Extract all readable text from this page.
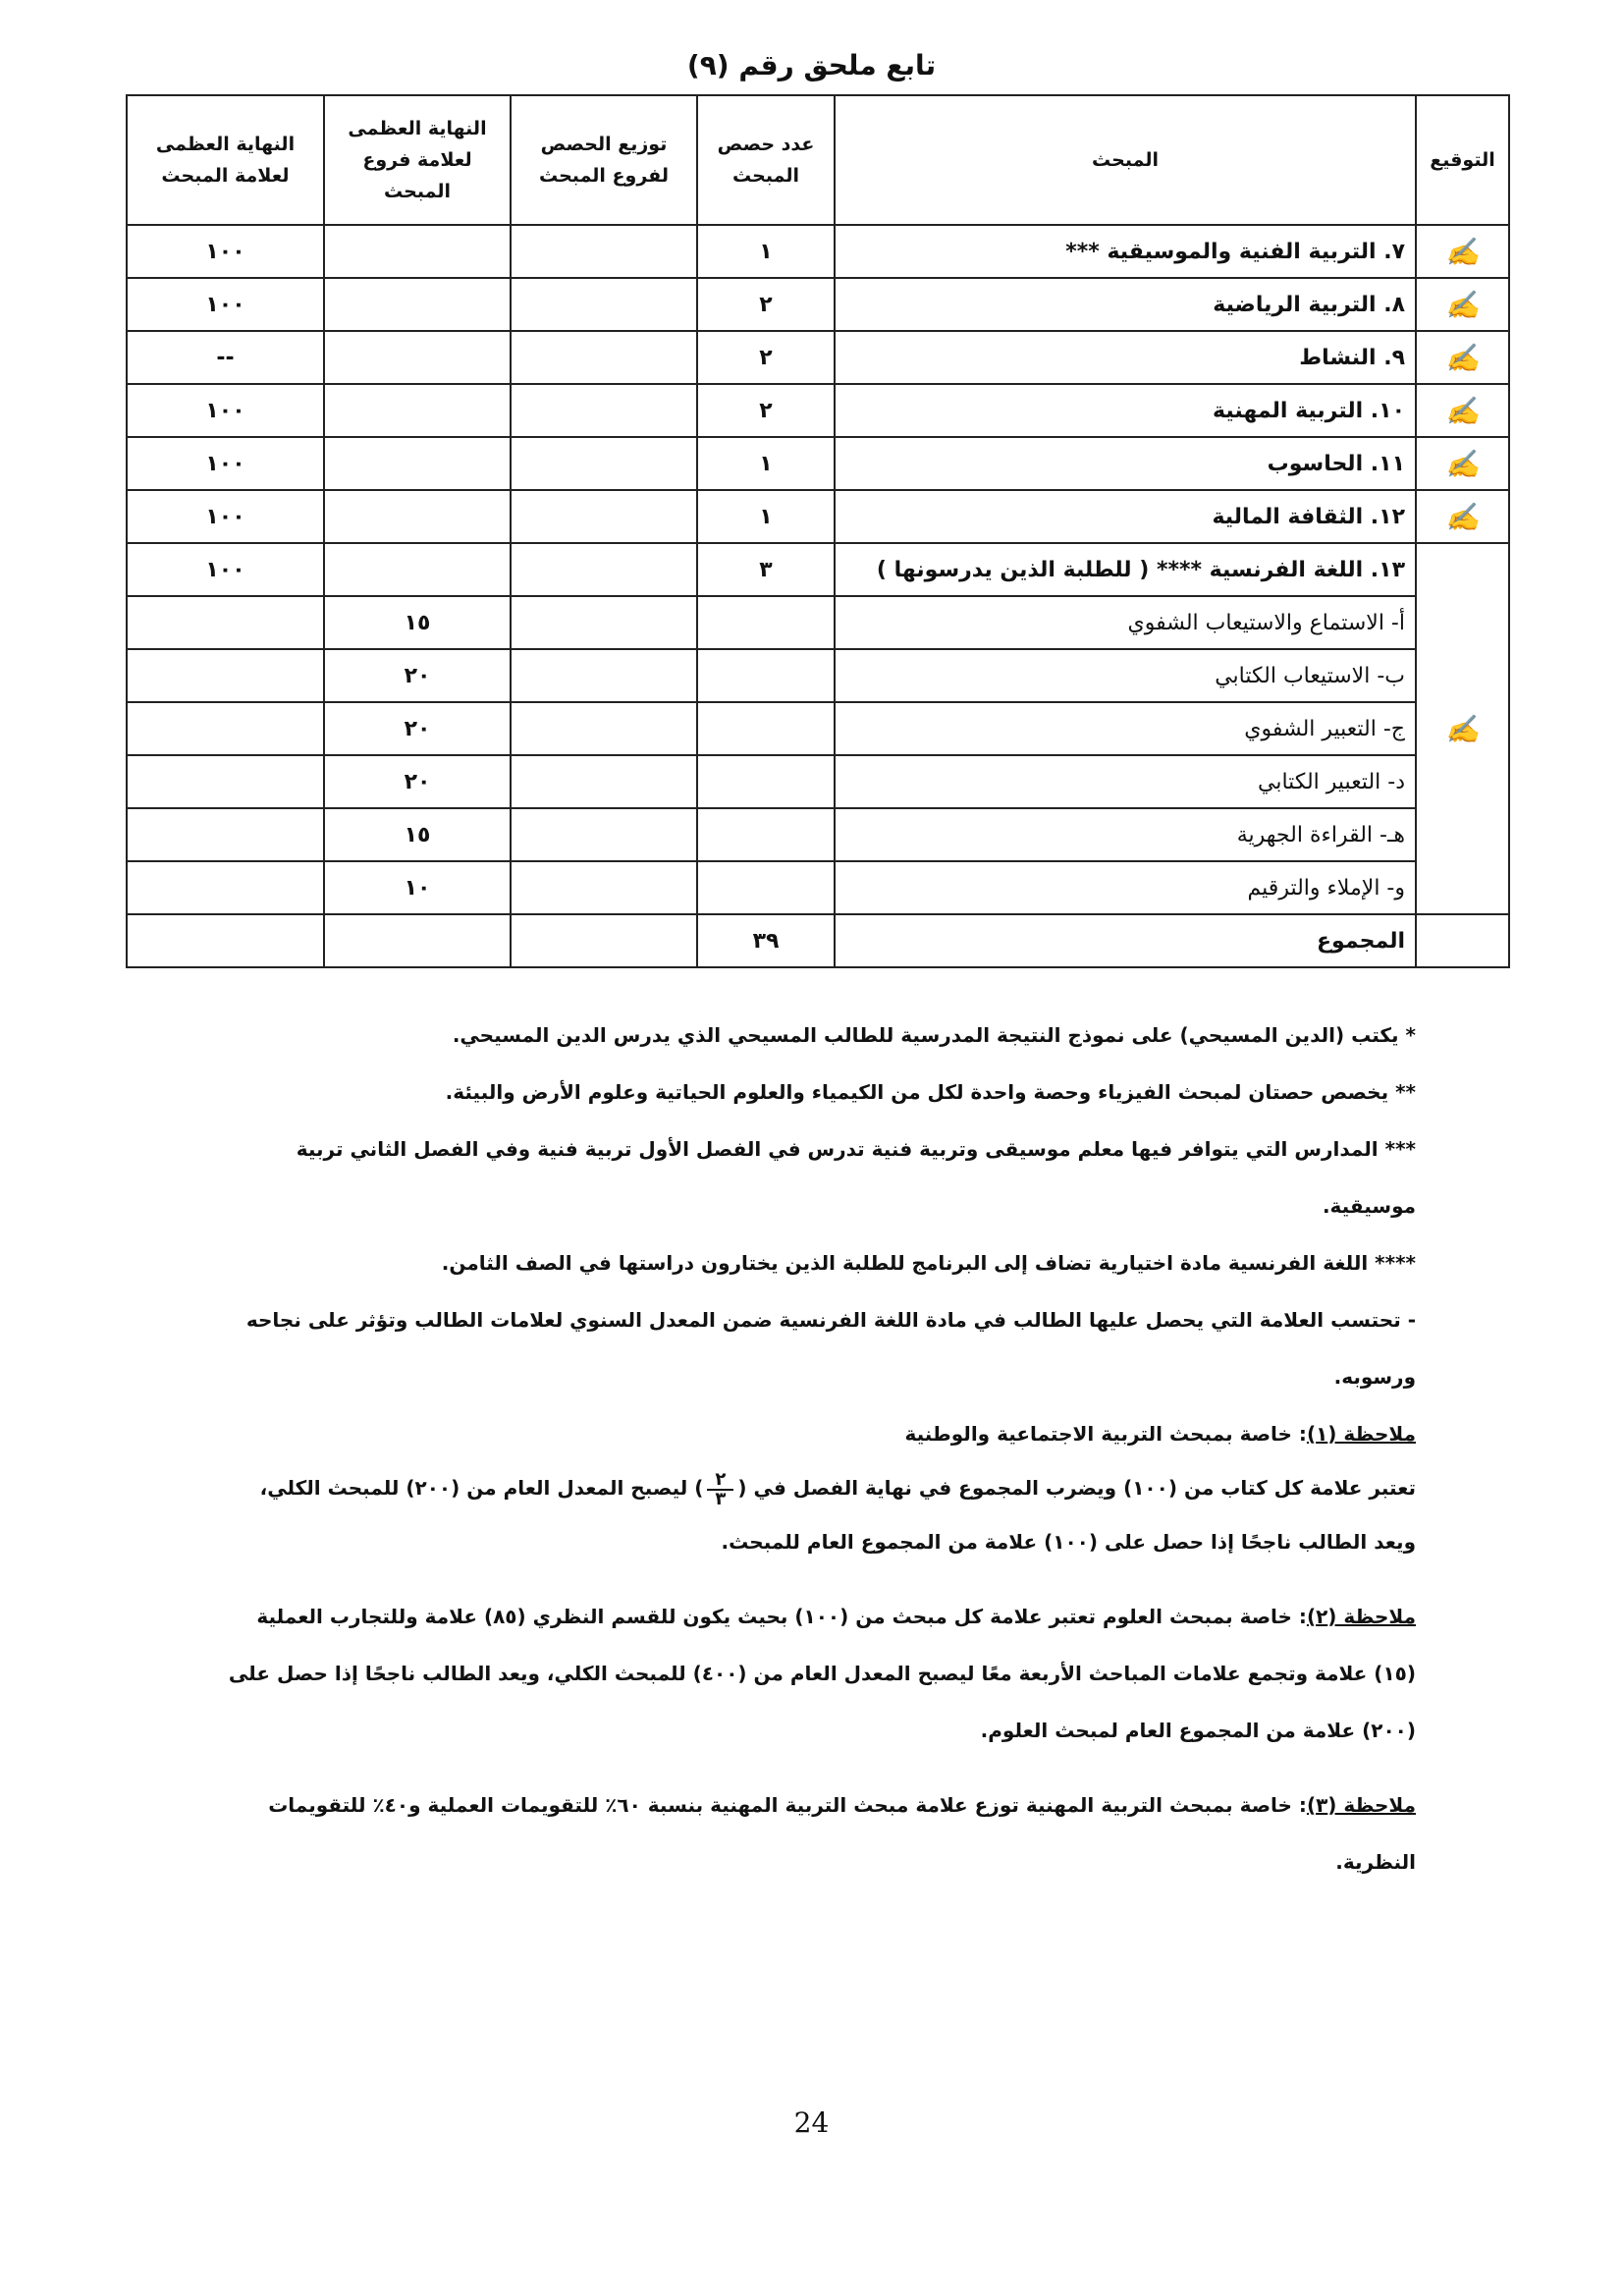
تابع ملحق رقم (٩)
التوقيع	المبحث	عدد حصص المبحث	توزيع الحصص لفروع المبحث	النهاية العظمى لعلامة فروع المبحث	النهاية العظمى لعلامة المبحث
✍	٧. التربية الفنية والموسيقية ***	١			١٠٠
✍	٨. التربية الرياضية	٢			١٠٠
✍	٩. النشاط	٢			--
✍	١٠. التربية المهنية	٢			١٠٠
✍	١١. الحاسوب	١			١٠٠
✍	١٢. الثقافة المالية	١			١٠٠
✍	١٣. اللغة الفرنسية **** ( للطلبة الذين يدرسونها )	٣			١٠٠
	أ- الاستماع والاستيعاب الشفوي			١٥	
	ب- الاستيعاب الكتابي			٢٠	
	ج- التعبير الشفوي			٢٠	
	د- التعبير الكتابي			٢٠	
	هـ- القراءة الجهرية			١٥	
	و- الإملاء والترقيم			١٠	
	المجموع	٣٩			

* يكتب (الدين المسيحي) على نموذج النتيجة المدرسية للطالب المسيحي الذي يدرس الدين المسيحي.

** يخصص حصتان لمبحث الفيزياء وحصة واحدة لكل من الكيمياء والعلوم الحياتية وعلوم الأرض والبيئة.

*** المدارس التي يتوافر فيها معلم موسيقى وتربية فنية تدرس في الفصل الأول تربية فنية وفي الفصل الثاني تربية موسيقية.

**** اللغة الفرنسية مادة اختيارية تضاف إلى البرنامج للطلبة الذين يختارون دراستها في الصف الثامن.

- تحتسب العلامة التي يحصل عليها الطالب في مادة اللغة الفرنسية ضمن المعدل السنوي لعلامات الطالب وتؤثر على نجاحه ورسوبه.

ملاحظة (١): خاصة بمبحث التربية الاجتماعية والوطنية

تعتبر علامة كل كتاب من (١٠٠) ويضرب المجموع في نهاية الفصل في (
$\frac{٢}{٣}$
) ليصبح المعدل العام من (٢٠٠) للمبحث الكلي،

ويعد الطالب ناجحًا إذا حصل على (١٠٠) علامة من المجموع العام للمبحث.

ملاحظة (٢): خاصة بمبحث العلوم تعتبر علامة كل مبحث من (١٠٠) بحيث يكون للقسم النظري (٨٥) علامة وللتجارب العملية (١٥) علامة وتجمع علامات المباحث الأربعة معًا ليصبح المعدل العام من (٤٠٠) للمبحث الكلي، ويعد الطالب ناجحًا إذا حصل على (٢٠٠) علامة من المجموع العام لمبحث العلوم.

ملاحظة (٣): خاصة بمبحث التربية المهنية توزع علامة مبحث التربية المهنية بنسبة ٦٠٪ للتقويمات العملية و٤٠٪ للتقويمات النظرية.

24
